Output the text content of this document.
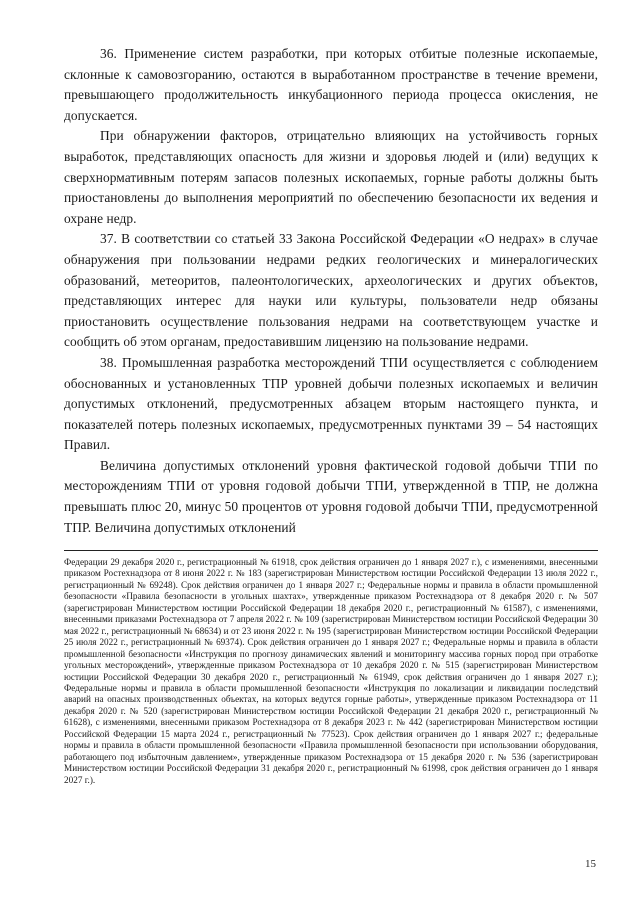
36. Применение систем разработки, при которых отбитые полезные ископаемые, склонные к самовозгоранию, остаются в выработанном пространстве в течение времени, превышающего продолжительность инкубационного периода процесса окисления, не допускается.

При обнаружении факторов, отрицательно влияющих на устойчивость горных выработок, представляющих опасность для жизни и здоровья людей и (или) ведущих к сверхнормативным потерям запасов полезных ископаемых, горные работы должны быть приостановлены до выполнения мероприятий по обеспечению безопасности их ведения и охране недр.

37. В соответствии со статьей 33 Закона Российской Федерации «О недрах» в случае обнаружения при пользовании недрами редких геологических и минералогических образований, метеоритов, палеонтологических, археологических и других объектов, представляющих интерес для науки или культуры, пользователи недр обязаны приостановить осуществление пользования недрами на соответствующем участке и сообщить об этом органам, предоставившим лицензию на пользование недрами.

38. Промышленная разработка месторождений ТПИ осуществляется с соблюдением обоснованных и установленных ТПР уровней добычи полезных ископаемых и величин допустимых отклонений, предусмотренных абзацем вторым настоящего пункта, и показателей потерь полезных ископаемых, предусмотренных пунктами 39 – 54 настоящих Правил.

Величина допустимых отклонений уровня фактической годовой добычи ТПИ по месторождениям ТПИ от уровня годовой добычи ТПИ, утвержденной в ТПР, не должна превышать плюс 20, минус 50 процентов от уровня годовой добычи ТПИ, предусмотренной ТПР. Величина допустимых отклонений

Федерации 29 декабря 2020 г., регистрационный № 61918, срок действия ограничен до 1 января 2027 г.), с изменениями, внесенными приказом Ростехнадзора от 8 июня 2022 г. № 183 (зарегистрирован Министерством юстиции Российской Федерации 13 июля 2022 г., регистрационный № 69248). Срок действия ограничен до 1 января 2027 г.; Федеральные нормы и правила в области промышленной безопасности «Правила безопасности в угольных шахтах», утвержденные приказом Ростехнадзора от 8 декабря 2020 г. № 507 (зарегистрирован Министерством юстиции Российской Федерации 18 декабря 2020 г., регистрационный № 61587), с изменениями, внесенными приказами Ростехнадзора от 7 апреля 2022 г. № 109 (зарегистрирован Министерством юстиции Российской Федерации 30 мая 2022 г., регистрационный № 68634) и от 23 июня 2022 г. № 195 (зарегистрирован Министерством юстиции Российской Федерации 25 июля 2022 г., регистрационный № 69374). Срок действия ограничен до 1 января 2027 г.; Федеральные нормы и правила в области промышленной безопасности «Инструкция по прогнозу динамических явлений и мониторингу массива горных пород при отработке угольных месторождений», утвержденные приказом Ростехнадзора от 10 декабря 2020 г. № 515 (зарегистрирован Министерством юстиции Российской Федерации 30 декабря 2020 г., регистрационный № 61949, срок действия ограничен до 1 января 2027 г.); Федеральные нормы и правила в области промышленной безопасности «Инструкция по локализации и ликвидации последствий аварий на опасных производственных объектах, на которых ведутся горные работы», утвержденные приказом Ростехнадзора от 11 декабря 2020 г. № 520 (зарегистрирован Министерством юстиции Российской Федерации 21 декабря 2020 г., регистрационный № 61628), с изменениями, внесенными приказом Ростехнадзора от 8 декабря 2023 г. № 442 (зарегистрирован Министерством юстиции Российской Федерации 15 марта 2024 г., регистрационный № 77523). Срок действия ограничен до 1 января 2027 г.; федеральные нормы и правила в области промышленной безопасности «Правила промышленной безопасности при использовании оборудования, работающего под избыточным давлением», утвержденные приказом Ростехнадзора от 15 декабря 2020 г. № 536 (зарегистрирован Министерством юстиции Российской Федерации 31 декабря 2020 г., регистрационный № 61998, срок действия ограничен до 1 января 2027 г.).

15
